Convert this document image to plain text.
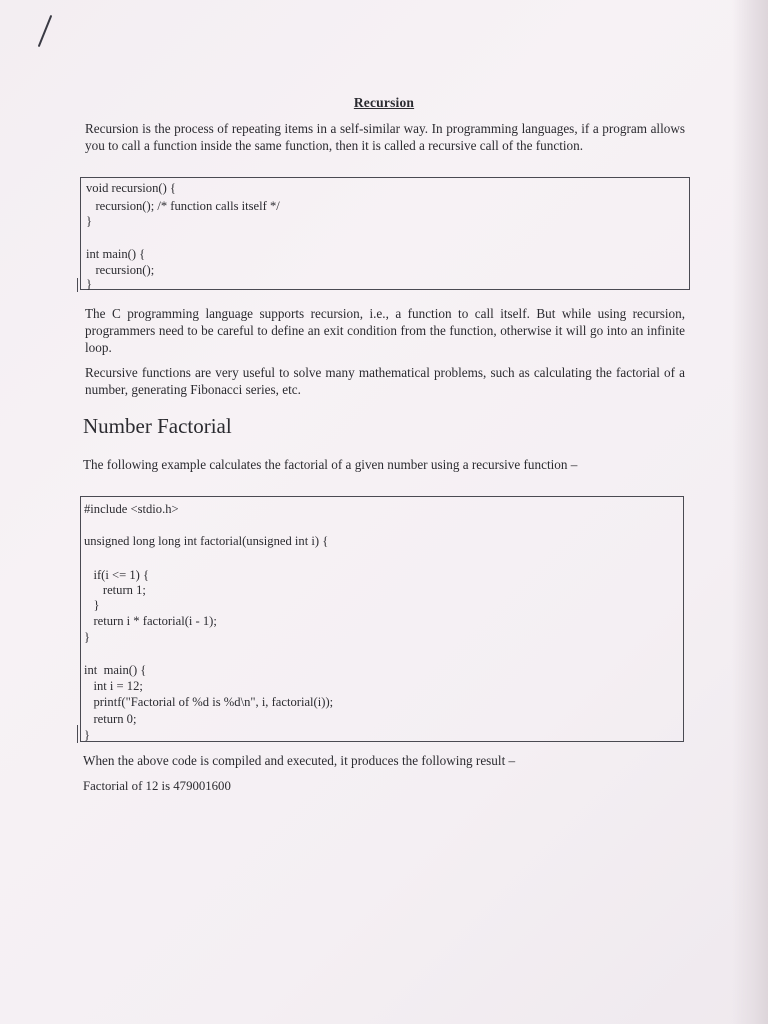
Recursion
Recursion is the process of repeating items in a self-similar way. In programming languages, if a program allows you to call a function inside the same function, then it is called a recursive call of the function.
void recursion() {
recursion(); /* function calls itself */
}
int main() {
recursion();
}
The C programming language supports recursion, i.e., a function to call itself. But while using recursion, programmers need to be careful to define an exit condition from the function, otherwise it will go into an infinite loop.
Recursive functions are very useful to solve many mathematical problems, such as calculating the factorial of a number, generating Fibonacci series, etc.
Number Factorial
The following example calculates the factorial of a given number using a recursive function –
#include <stdio.h>
unsigned long long int factorial(unsigned int i) {
if(i <= 1) {
return 1;
}
return i * factorial(i - 1);
}
int  main() {
int i = 12;
printf("Factorial of %d is %d\n", i, factorial(i));
return 0;
}
When the above code is compiled and executed, it produces the following result –
Factorial of 12 is 479001600
